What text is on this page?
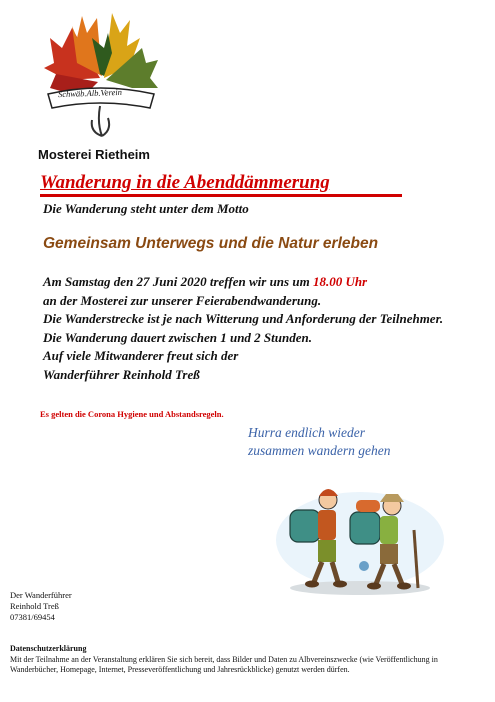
Schwäb.Alb.Verein
Mosterei Rietheim
Wanderung in die Abenddämmerung
Die Wanderung steht unter dem Motto
Gemeinsam Unterwegs und die Natur erleben

Am Samstag den 27 Juni 2020 treffen wir uns um 18.00 Uhr

an der Mosterei zur unserer Feierabendwanderung.

Die Wanderstrecke ist je nach Witterung und Anforderung der Teilnehmer.

Die Wanderung dauert zwischen 1 und 2 Stunden.

Auf viele Mitwanderer freut sich der

Wanderführer Reinhold Treß

Es gelten die Corona Hygiene und Abstandsregeln.

Hurra endlich wieder

zusammen wandern gehen

Der Wanderführer

Reinhold Treß

07381/69454

Datenschutzerklärung

Mit der Teilnahme an der Veranstaltung erklären Sie sich bereit, dass Bilder und Daten zu Albvereinszwecke (wie Veröffentlichung in Wanderbücher, Homepage, Internet, Presseveröffentlichung und Jahresrückblicke) genutzt werden dürfen.
